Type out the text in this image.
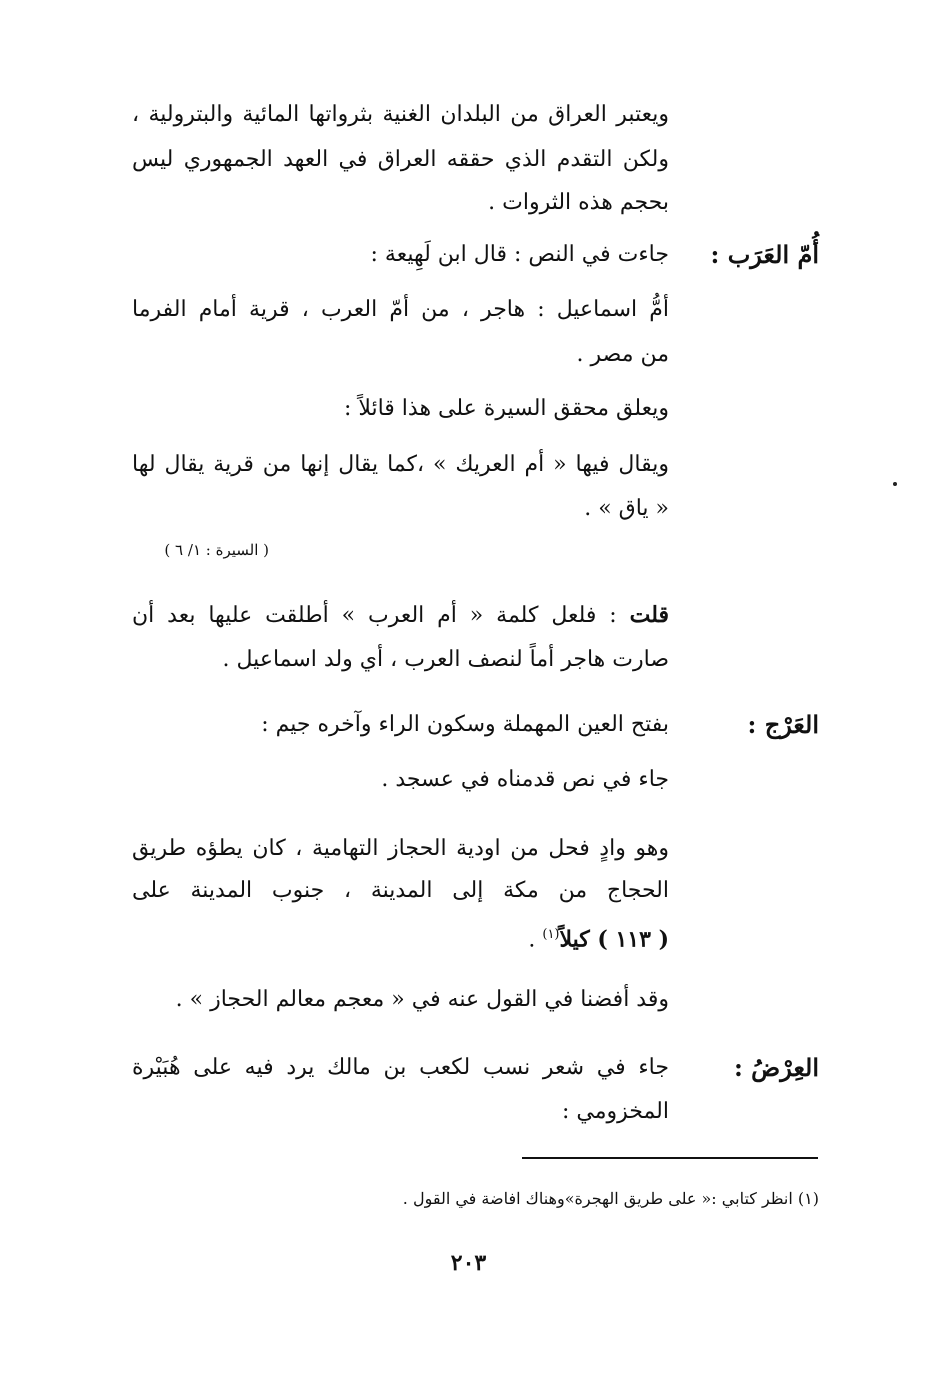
ويعتبر العراق من البلدان الغنية بثرواتها المائية والبترولية ،
ولكن التقدم الذي حققه العراق في العهد الجمهوري ليس
بحجم هذه الثروات .
أُمّ العَرَب :
جاءت في النص : قال ابن لَهِيعة :
أمُّ اسماعيل : هاجر ، من أمّ العرب ، قرية أمام الفرما
من مصر .
ويعلق محقق السيرة على هذا قائلاً :
ويقال فيها « أم العريك » ،كما يقال إنها من قرية يقال لها
« ياق » .
( السيرة : ١/ ٦ )
قلت : فلعل كلمة « أم العرب » أطلقت عليها بعد أن
صارت هاجر أماً لنصف العرب ، أي ولد اسماعيل .
العَرْج :
بفتح العين المهملة وسكون الراء وآخره جيم :
جاء في نص قدمناه في عسجد .
وهو وادٍ فحل من اودية الحجاز التهامية ، كان يطؤه طريق
الحجاج من مكة إلى المدينة ، جنوب المدينة على
( ١١٣ ) كيلاً$^{(١)}$ .
وقد أفضنا في القول عنه في « معجم معالم الحجاز » .
العِرْضُ :
جاء في شعر نسب لكعب بن مالك يرد فيه على هُبَيْرة
المخزومي :
(١) انظر كتابي :« على طريق الهجرة»وهناك افاضة في القول .
٢٠٣
